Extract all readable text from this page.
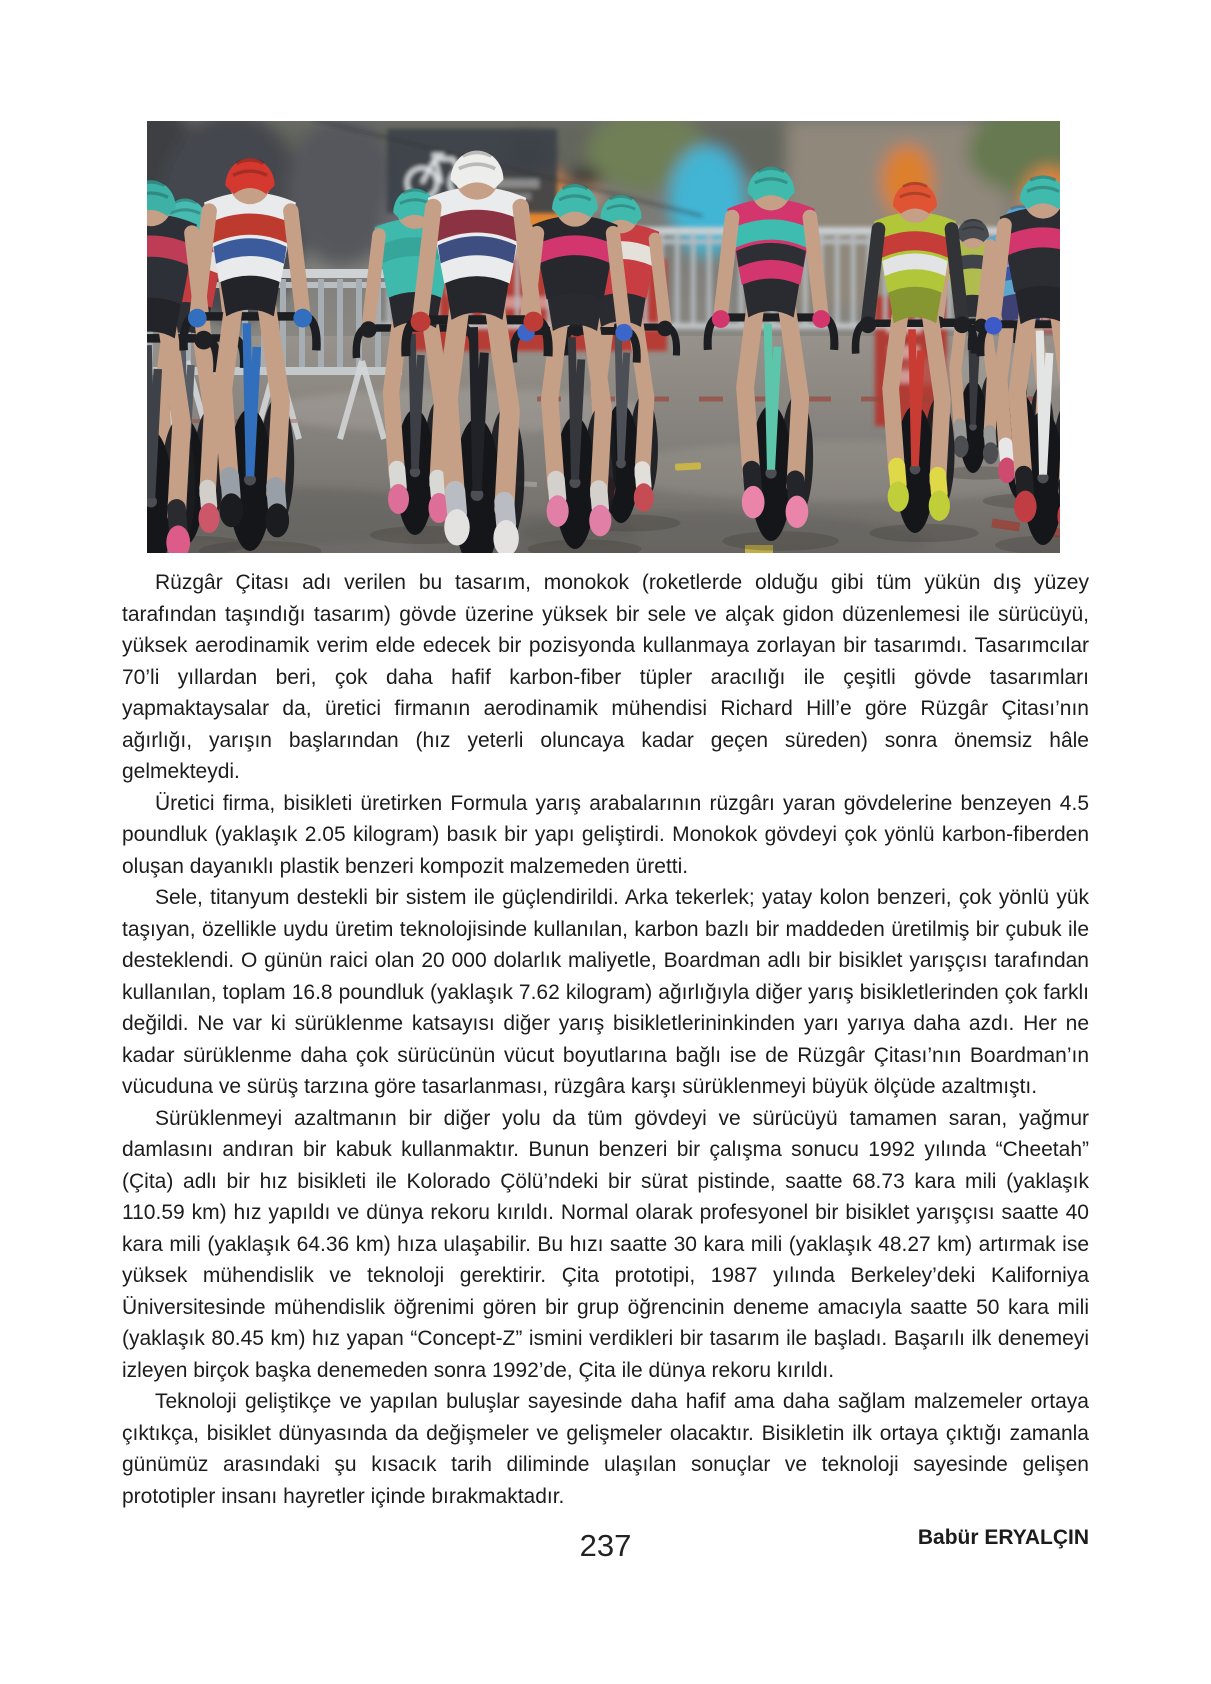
Rüzgâr Çitası adı verilen bu tasarım, monokok (roketlerde olduğu gibi tüm yükün dış yüzey tarafından taşındığı tasarım) gövde üzerine yüksek bir sele ve alçak gidon düzenlemesi ile sürücüyü, yüksek aerodinamik verim elde edecek bir pozisyonda kullanmaya zorlayan bir tasarımdı. Tasarımcılar 70’li yıllardan beri, çok daha hafif karbon-fiber tüpler aracılığı ile çeşitli gövde tasarımları yapmaktaysalar da, üretici firmanın aerodinamik mühendisi Richard Hill’e göre Rüzgâr Çitası’nın ağırlığı, yarışın başlarından (hız yeterli oluncaya kadar geçen süreden) sonra önemsiz hâle gelmekteydi.

Üretici firma, bisikleti üretirken Formula yarış arabalarının rüzgârı yaran gövdelerine benzeyen 4.5 poundluk (yaklaşık 2.05 kilogram) basık bir yapı geliştirdi. Monokok gövdeyi çok yönlü karbon-fiberden oluşan dayanıklı plastik benzeri kompozit malzemeden üretti.

Sele, titanyum destekli bir sistem ile güçlendirildi. Arka tekerlek; yatay kolon benzeri, çok yönlü yük taşıyan, özellikle uydu üretim teknolojisinde kullanılan, karbon bazlı bir maddeden üretilmiş bir çubuk ile desteklendi. O günün raici olan 20 000 dolarlık maliyetle, Boardman adlı bir bisiklet yarışçısı tarafından kullanılan, toplam 16.8 poundluk (yaklaşık 7.62 kilogram) ağırlığıyla diğer yarış bisikletlerinden çok farklı değildi. Ne var ki sürüklenme katsayısı diğer yarış bisikletlerininkinden yarı yarıya daha azdı. Her ne kadar sürüklenme daha çok sürücünün vücut boyutlarına bağlı ise de Rüzgâr Çitası’nın Boardman’ın vücuduna ve sürüş tarzına göre tasarlanması, rüzgâra karşı sürüklenmeyi büyük ölçüde azaltmıştı.

Sürüklenmeyi azaltmanın bir diğer yolu da tüm gövdeyi ve sürücüyü tamamen saran, yağmur damlasını andıran bir kabuk kullanmaktır. Bunun benzeri bir çalışma sonucu 1992 yılında “Cheetah” (Çita) adlı bir hız bisikleti ile Kolorado Çölü’ndeki bir sürat pistinde, saatte 68.73 kara mili (yaklaşık 110.59 km) hız yapıldı ve dünya rekoru kırıldı. Normal olarak profesyonel bir bisiklet yarışçısı saatte 40 kara mili (yaklaşık 64.36 km) hıza ulaşabilir. Bu hızı saatte 30 kara mili (yaklaşık 48.27 km) artırmak ise yüksek mühendislik ve teknoloji gerektirir. Çita prototipi, 1987 yılında Berkeley’deki Kaliforniya Üniversitesinde mühendislik öğrenimi gören bir grup öğrencinin deneme amacıyla saatte 50 kara mili (yaklaşık 80.45 km) hız yapan “Concept-Z” ismini verdikleri bir tasarım ile başladı. Başarılı ilk denemeyi izleyen birçok başka denemeden sonra 1992’de, Çita ile dünya rekoru kırıldı.

Teknoloji geliştikçe ve yapılan buluşlar sayesinde daha hafif ama daha sağlam malzemeler ortaya çıktıkça, bisiklet dünyasında da değişmeler ve gelişmeler olacaktır. Bisikletin ilk ortaya çıktığı zamanla günümüz arasındaki şu kısacık tarih diliminde ulaşılan sonuçlar ve teknoloji sayesinde gelişen prototipler insanı hayretler içinde bırakmaktadır.

Babür ERYALÇIN

237
